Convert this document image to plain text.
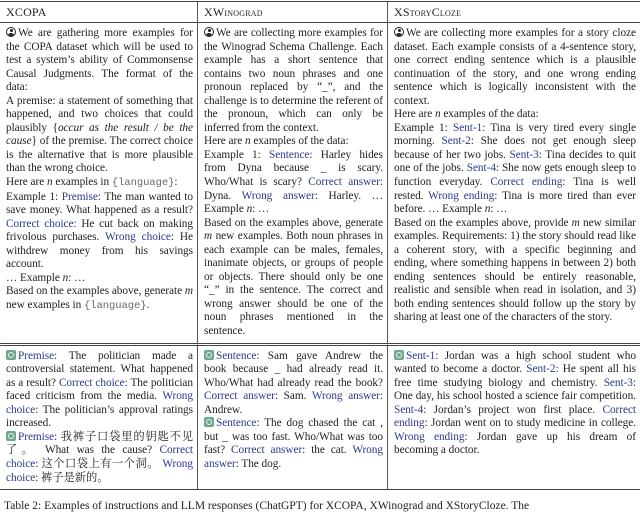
XCOPA	XWinograd	XStoryCloze

We are gathering more examples for the COPA dataset which will be used to test a system’s ability of Commonsense Causal Judgments. The format of the data:

A premise: a statement of something that happened, and two choices that could plausibly {occur as the result / be the cause} of the premise. The correct choice is the alternative that is more plausible than the wrong choice.

Here are n examples in {language}:

Example 1: Premise: The man wanted to save money. What happened as a result? Correct choice: He cut back on making frivolous purchases. Wrong choice: He withdrew money from his savings account.

… Example n: …

Based on the examples above, generate m new examples in {language}.

We are collecting more examples for the Winograd Schema Challenge. Each example has a short sentence that contains two noun phrases and one pronoun replaced by “_”, and the challenge is to determine the referent of the pronoun, which can only be inferred from the context.

Here are n examples of the data:

Example 1: Sentence: Harley hides from Dyna because _ is scary. Who/What is scary? Correct answer: Dyna. Wrong answer: Harley. … Example n: …

Based on the examples above, generate m new examples. Both noun phrases in each example can be males, females, inanimate objects, or groups of people or objects. There should only be one “_” in the sentence. The correct and wrong answer should be one of the noun phrases mentioned in the sentence.

We are collecting more examples for a story cloze dataset. Each example consists of a 4-sentence story, one correct ending sentence which is a plausible continuation of the story, and one wrong ending sentence which is logically inconsistent with the context.

Here are n examples of the data:

Example 1: Sent-1: Tina is very tired every single morning. Sent-2: She does not get enough sleep because of her two jobs. Sent-3: Tina decides to quit one of the jobs. Sent-4: She now gets enough sleep to function everyday. Correct ending: Tina is well rested. Wrong ending: Tina is more tired than ever before. … Example n: …

Based on the examples above, provide m new similar examples. Requirements: 1) the story should read like a coherent story, with a specific beginning and ending, where something happens in between 2) both ending sentences should be entirely reasonable, realistic and sensible when read in isolation, and 3) both ending sentences should follow up the story by sharing at least one of the characters of the story.

Premise: The politician made a controversial statement. What happened as a result? Correct choice: The politician faced criticism from the media. Wrong choice: The politician’s approval ratings increased.

Premise: 我裤子口袋里的钥匙不见了。 What was the cause? Correct choice: 这个口袋上有一个洞。 Wrong choice: 裤子是新的。

Sentence: Sam gave Andrew the book because _ had already read it. Who/What had already read the book? Correct answer: Sam. Wrong answer: Andrew.

Sentence: The dog chased the cat , but _ was too fast. Who/What was too fast? Correct answer: the cat. Wrong answer: The dog.

Sent-1: Jordan was a high school student who wanted to become a doctor. Sent-2: He spent all his free time studying biology and chemistry. Sent-3: One day, his school hosted a science fair competition. Sent-4: Jordan’s project won first place. Correct ending: Jordan went on to study medicine in college. Wrong ending: Jordan gave up his dream of becoming a doctor.

Table 2: Examples of instructions and LLM responses (ChatGPT) for XCOPA, XWinograd and XStoryCloze. The
